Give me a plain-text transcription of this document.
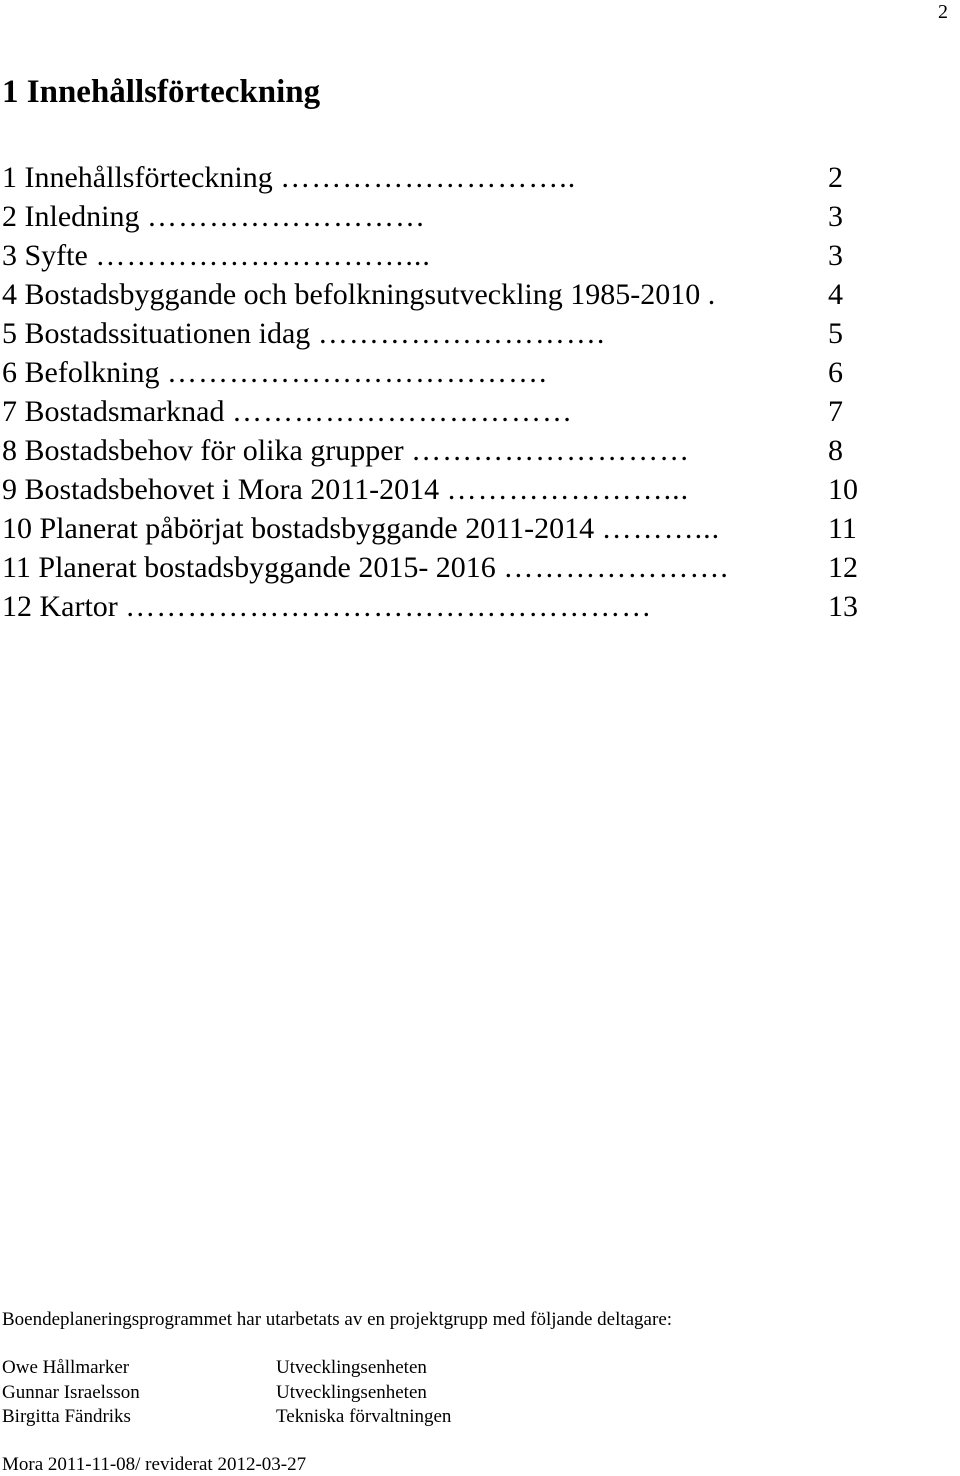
2
1 Innehållsförteckning
1 Innehållsförteckning ………………………..	2
2 Inledning ………………………	3
3 Syfte …………………………...	3
4 Bostadsbyggande och befolkningsutveckling 1985-2010 .	4
5 Bostadssituationen idag ……………………….	5
6 Befolkning ……………………………….	6
7 Bostadsmarknad ……………………………	7
8 Bostadsbehov för olika grupper ………………………	8
9 Bostadsbehovet i Mora 2011-2014 …………………...	10
10 Planerat påbörjat bostadsbyggande 2011-2014 ………...	11
11 Planerat bostadsbyggande 2015- 2016 ………………….	12
12 Kartor ……………………………………………	13
Boendeplaneringsprogrammet har utarbetats av en projektgrupp med följande deltagare:
Owe Hållmarker	Utvecklingsenheten
Gunnar Israelsson	Utvecklingsenheten
Birgitta Fändriks	Tekniska förvaltningen
Mora 2011-11-08/ reviderat 2012-03-27
